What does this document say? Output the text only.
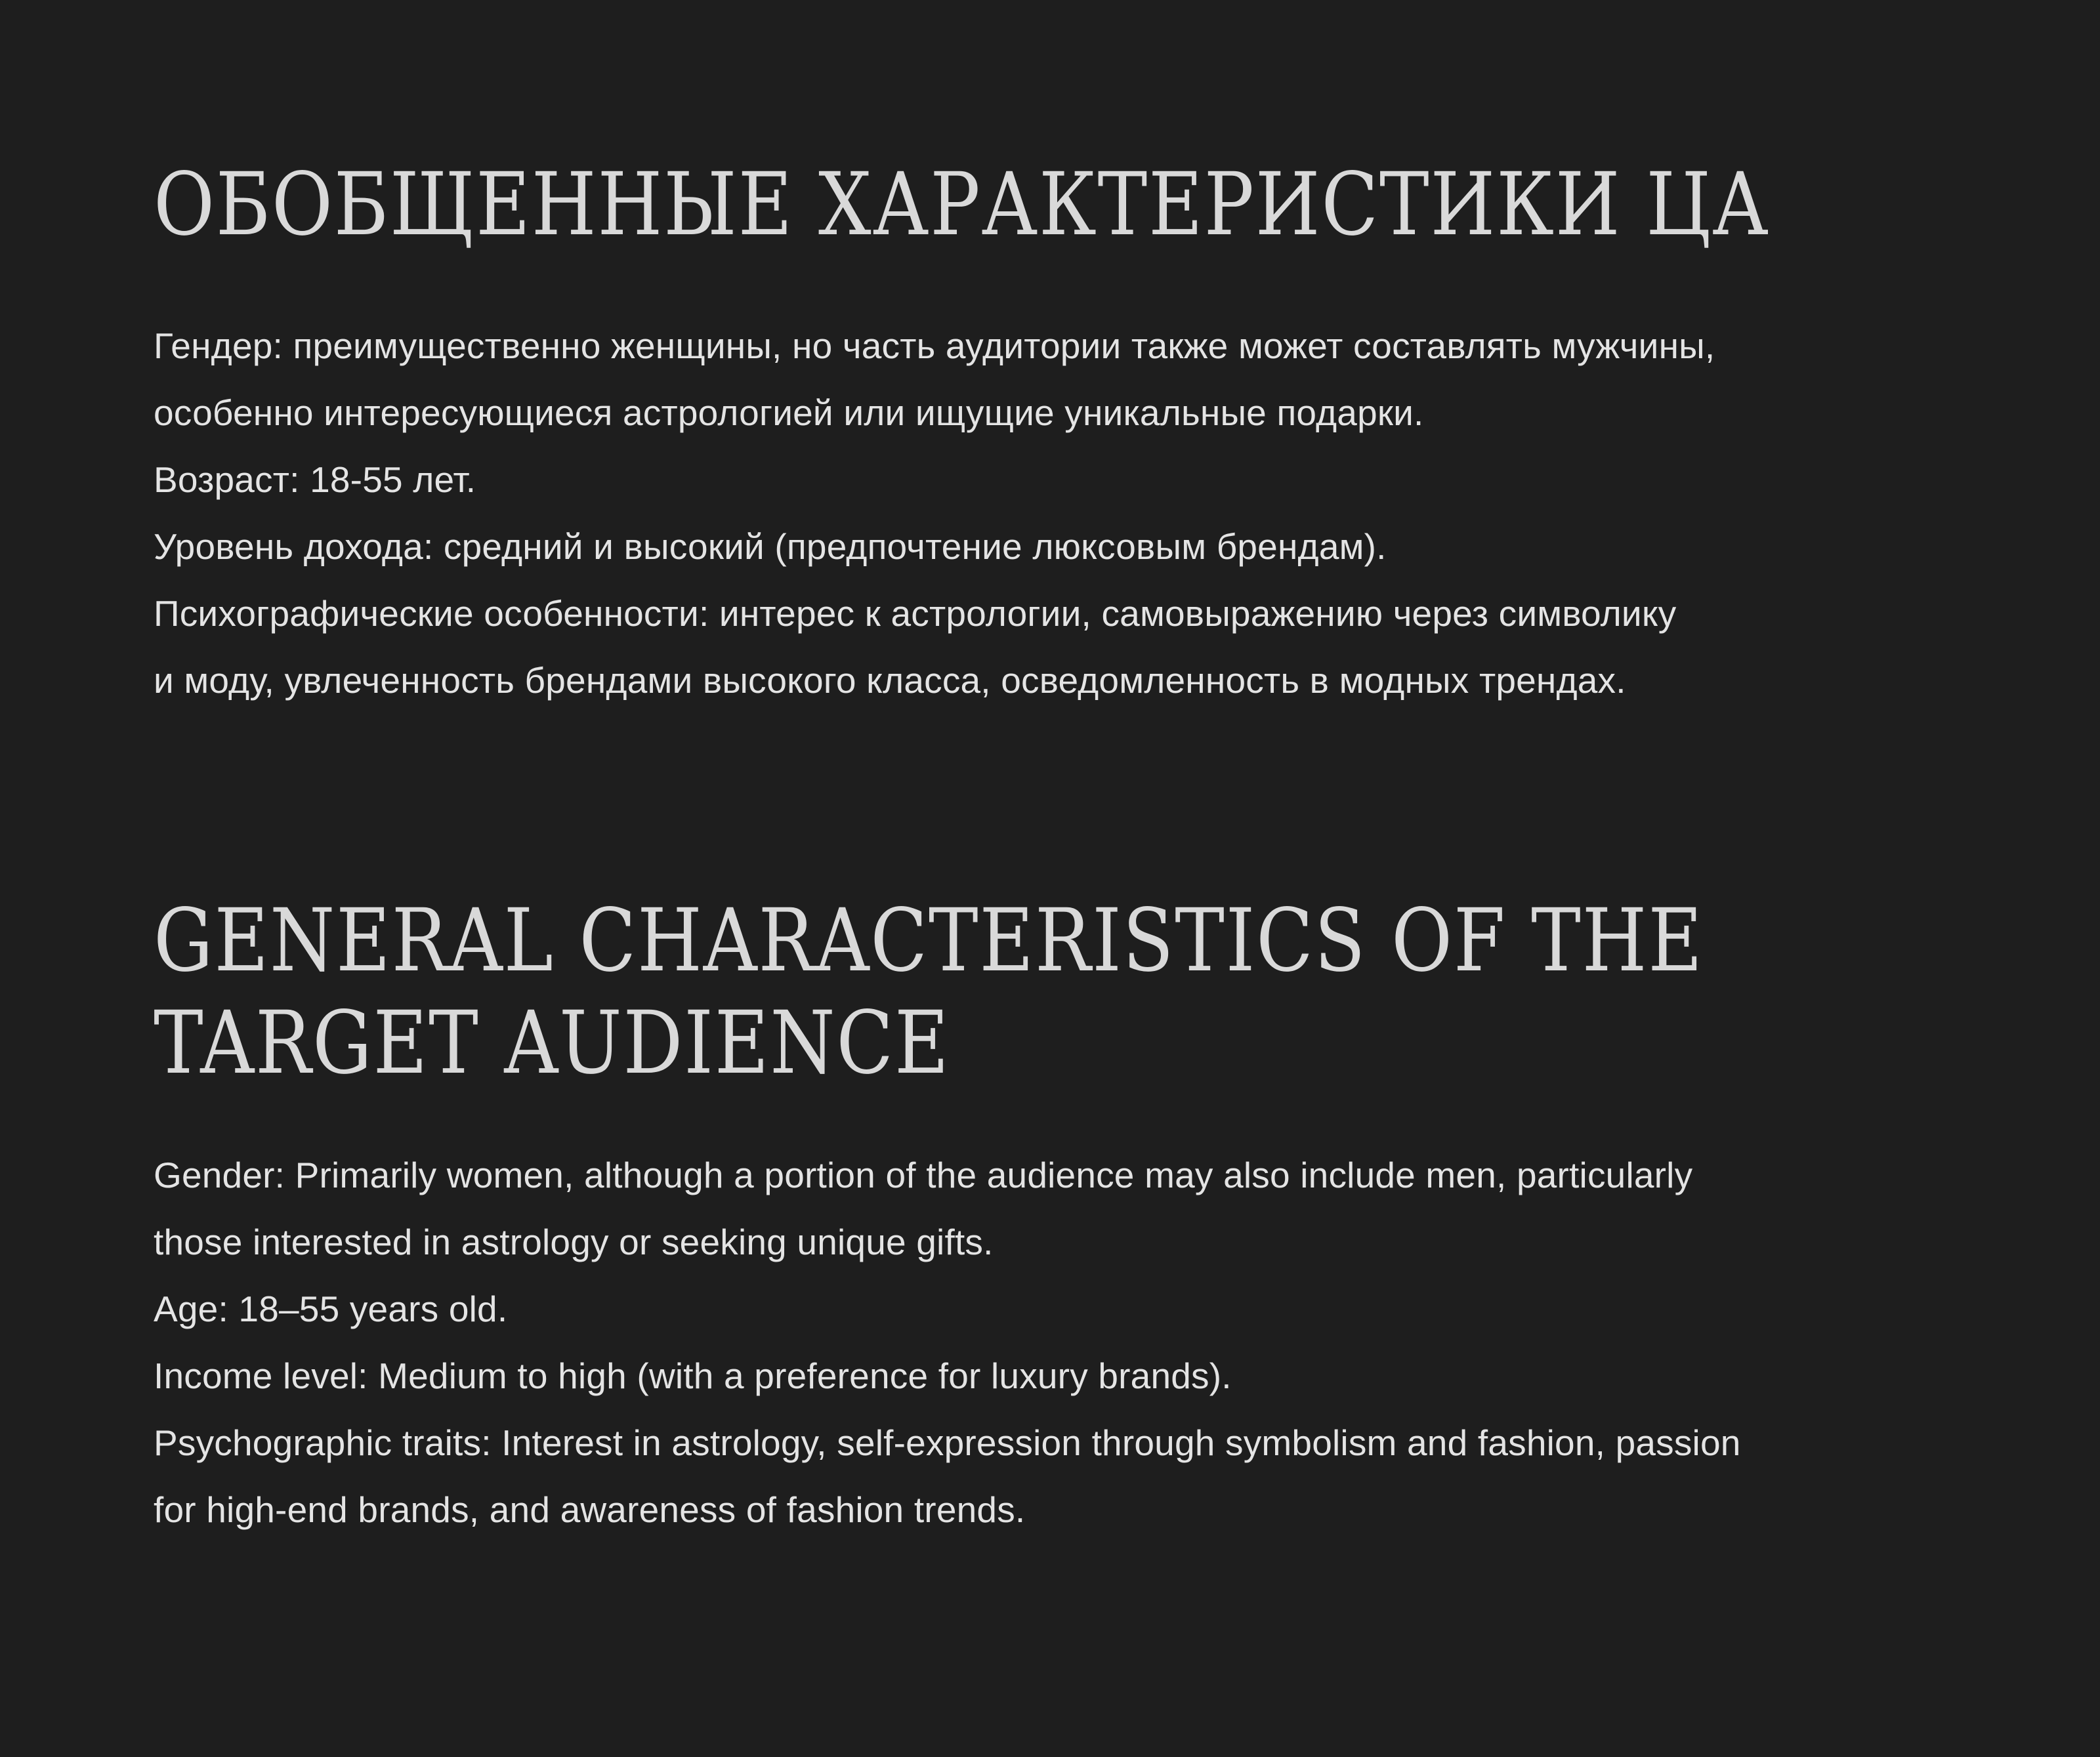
ОБОБЩЕННЫЕ ХАРАКТЕРИСТИКИ ЦА

Гендер: преимущественно женщины, но часть аудитории также может составлять мужчины,
особенно интересующиеся астрологией или ищущие уникальные подарки.
Возраст: 18-55 лет.
Уровень дохода: средний и высокий (предпочтение люксовым брендам).
Психографические особенности: интерес к астрологии, самовыражению через символику
и моду, увлеченность брендами высокого класса, осведомленность в модных трендах.

GENERAL CHARACTERISTICS OF THE
TARGET AUDIENCE

Gender: Primarily women, although a portion of the audience may also include men, particularly
those interested in astrology or seeking unique gifts.
Age: 18–55 years old.
Income level: Medium to high (with a preference for luxury brands).
Psychographic traits: Interest in astrology, self-expression through symbolism and fashion, passion
for high-end brands, and awareness of fashion trends.
